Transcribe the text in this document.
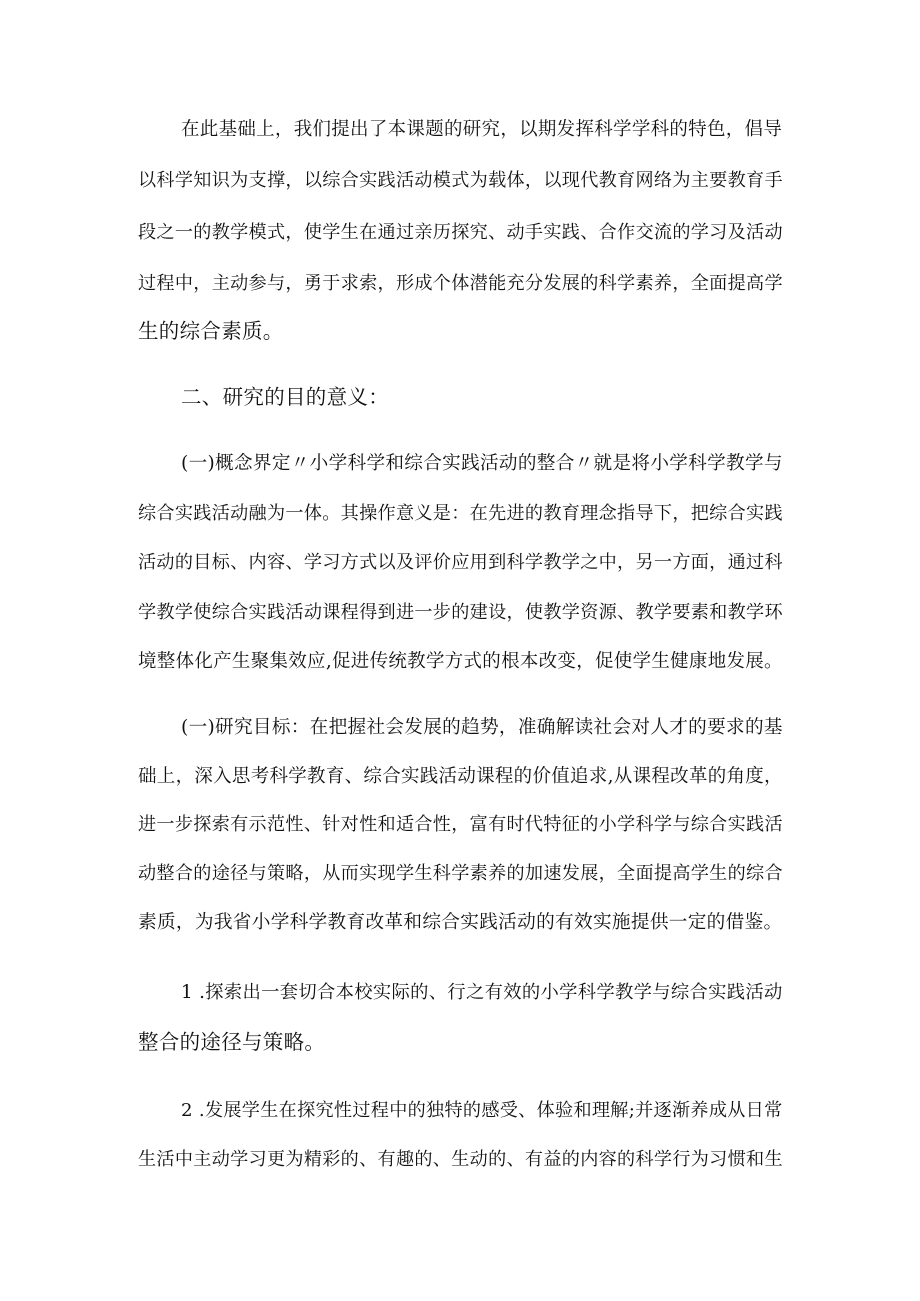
在此基础上，我们提出了本课题的研究，以期发挥科学学科的特色，倡导
以科学知识为支撑，以综合实践活动模式为载体，以现代教育网络为主要教育手
段之一的教学模式，使学生在通过亲历探究、动手实践、合作交流的学习及活动
过程中，主动参与，勇于求索，形成个体潜能充分发展的科学素养，全面提高学
生的综合素质。
二、研究的目的意义：
(一)概念界定〃小学科学和综合实践活动的整合〃就是将小学科学教学与
综合实践活动融为一体。其操作意义是：在先进的教育理念指导下，把综合实践
活动的目标、内容、学习方式以及评价应用到科学教学之中，另一方面，通过科
学教学使综合实践活动课程得到进一步的建设，使教学资源、教学要素和教学环
境整体化产生聚集效应,促进传统教学方式的根本改变，促使学生健康地发展。
(一)研究目标：在把握社会发展的趋势，准确解读社会对人才的要求的基
础上，深入思考科学教育、综合实践活动课程的价值追求,从课程改革的角度，
进一步探索有示范性、针对性和适合性，富有时代特征的小学科学与综合实践活
动整合的途径与策略，从而实现学生科学素养的加速发展，全面提高学生的综合
素质，为我省小学科学教育改革和综合实践活动的有效实施提供一定的借鉴。
1 .探索出一套切合本校实际的、行之有效的小学科学教学与综合实践活动
整合的途径与策略。
2 .发展学生在探究性过程中的独特的感受、体验和理解;并逐渐养成从日常
生活中主动学习更为精彩的、有趣的、生动的、有益的内容的科学行为习惯和生
